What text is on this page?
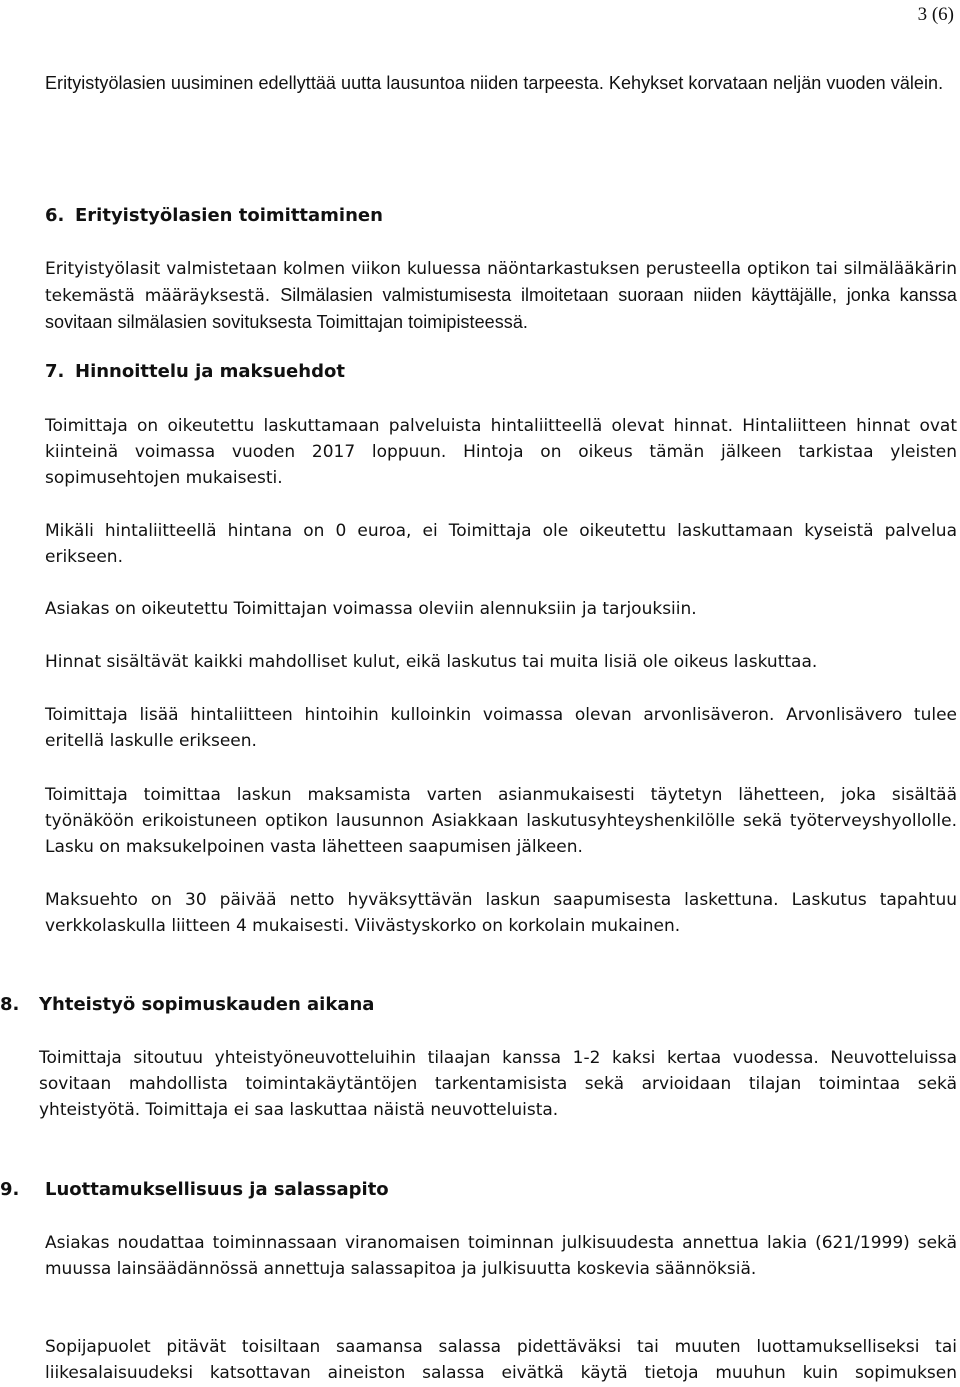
3 (6)
Erityistyölasien uusiminen edellyttää uutta lausuntoa niiden tarpeesta. Kehykset korvataan neljän vuoden välein.
6. Erityistyölasien toimittaminen
Erityistyölasit valmistetaan kolmen viikon kuluessa näöntarkastuksen perusteella optikon tai silmälääkärin tekemästä määräyksestä. Silmälasien valmistumisesta ilmoitetaan suoraan niiden käyttäjälle, jonka kanssa sovitaan silmälasien sovituksesta Toimittajan toimipisteessä.
7. Hinnoittelu ja maksuehdot
Toimittaja on oikeutettu laskuttamaan palveluista hintaliitteellä olevat hinnat. Hintaliitteen hinnat ovat kiinteinä voimassa vuoden 2017 loppuun. Hintoja on oikeus tämän jälkeen tarkistaa yleisten sopimusehtojen mukaisesti.
Mikäli hintaliitteellä hintana on 0 euroa, ei Toimittaja ole oikeutettu laskuttamaan kyseistä palvelua erikseen.
Asiakas on oikeutettu Toimittajan voimassa oleviin alennuksiin ja tarjouksiin.
Hinnat sisältävät kaikki mahdolliset kulut, eikä laskutus tai muita lisiä ole oikeus laskuttaa.
Toimittaja lisää hintaliitteen hintoihin kulloinkin voimassa olevan arvonlisäveron. Arvonlisävero tulee eritellä laskulle erikseen.
Toimittaja toimittaa laskun maksamista varten asianmukaisesti täytetyn lähetteen, joka sisältää työnäköön erikoistuneen optikon lausunnon Asiakkaan laskutusyhteyshenkilölle sekä työterveyshyollolle. Lasku on maksukelpoinen vasta lähetteen saapumisen jälkeen.
Maksuehto on 30 päivää netto hyväksyttävän laskun saapumisesta laskettuna. Laskutus tapahtuu verkkolaskulla liitteen 4 mukaisesti. Viivästyskorko on korkolain mukainen.
8. Yhteistyö sopimuskauden aikana
Toimittaja sitoutuu yhteistyöneuvotteluihin tilaajan kanssa 1-2 kaksi kertaa vuodessa. Neuvotteluissa sovitaan mahdollista toimintakäytäntöjen tarkentamisista sekä arvioidaan tilajan toimintaa sekä yhteistyötä. Toimittaja ei saa laskuttaa näistä neuvotteluista.
9. Luottamuksellisuus ja salassapito
Asiakas noudattaa toiminnassaan viranomaisen toiminnan julkisuudesta annettua lakia (621/1999) sekä muussa lainsäädännössä annettuja salassapitoa ja julkisuutta koskevia säännöksiä.
Sopijapuolet pitävät toisiltaan saamansa salassa pidettäväksi tai muuten luottamukselliseksi tai liikesalaisuudeksi katsottavan aineiston salassa eivätkä käytä tietoja muuhun kuin sopimuksen
